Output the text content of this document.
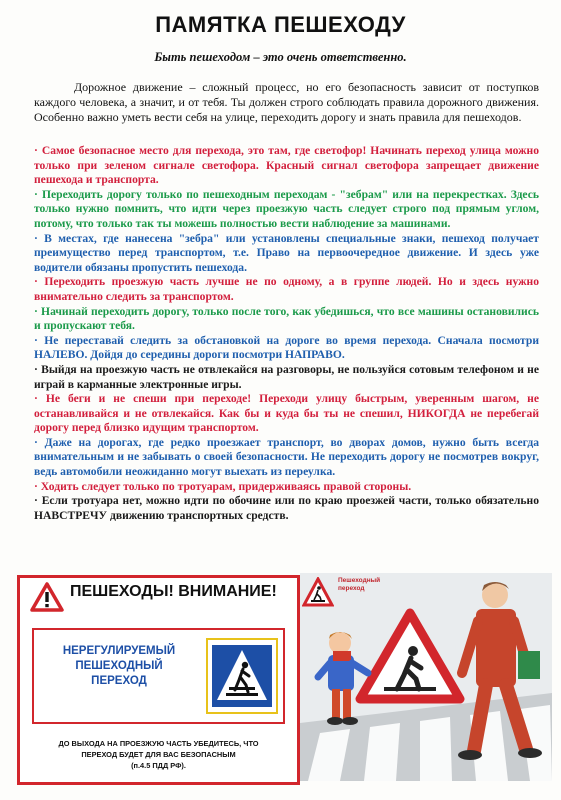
ПАМЯТКА ПЕШЕХОДУ

Быть пешеходом – это очень ответственно.

Дорожное движение – сложный процесс, но его безопасность зависит от поступков каждого человека, а значит, и от тебя. Ты должен строго соблюдать правила дорожного движения. Особенно важно уметь вести себя на улице, переходить дорогу и знать правила для пешеходов.

· Самое безопасное место для перехода, это там, где светофор! Начинать переход улица можно только при зеленом сигнале светофора. Красный сигнал светофора запрещает движение пешехода и транспорта.

· Переходить дорогу только по пешеходным переходам - "зебрам" или на перекрестках. Здесь только нужно помнить, что идти через проезжую часть следует строго под прямым углом, потому, что только так ты можешь полностью вести наблюдение за машинами.

· В местах, где нанесена "зебра" или установлены специальные знаки, пешеход получает преимущество перед транспортом, т.е. Право на первоочередное движение. И здесь уже водители обязаны пропустить пешехода.

· Переходить проезжую часть лучше не по одному, а в группе людей. Но и здесь нужно внимательно следить за транспортом.

· Начинай переходить дорогу, только после того, как убедишься, что все машины остановились и пропускают тебя.

· Не переставай следить за обстановкой на дороге во время перехода. Сначала посмотри НАЛЕВО. Дойдя до середины дороги посмотри НАПРАВО.

· Выйдя на проезжую часть не отвлекайся на разговоры, не пользуйся сотовым телефоном и не играй в карманные электронные игры.

· Не беги и не спеши при переходе! Переходи улицу быстрым, уверенным шагом, не останавливайся и не отвлекайся. Как бы и куда бы ты не спешил, НИКОГДА не перебегай дорогу перед близко идущим транспортом.

· Даже на дорогах, где редко проезжает транспорт, во дворах домов, нужно быть всегда внимательным и не забывать о своей безопасности. Не переходить дорогу не посмотрев вокруг, ведь автомобили неожиданно могут выехать из переулка.

· Ходить следует только по тротуарам, придерживаясь правой стороны.

· Если тротуара нет, можно идти по обочине или по краю проезжей части, только обязательно НАВСТРЕЧУ движению транспортных средств.

ПЕШЕХОДЫ! ВНИМАНИЕ!
НЕРЕГУЛИРУЕМЫЙ
ПЕШЕХОДНЫЙ
ПЕРЕХОД
ДО ВЫХОДА НА ПРОЕЗЖУЮ ЧАСТЬ УБЕДИТЕСЬ, ЧТО
ПЕРЕХОД БУДЕТ ДЛЯ ВАС БЕЗОПАСНЫМ
(п.4.5 ПДД РФ).
Пешеходный
переход
